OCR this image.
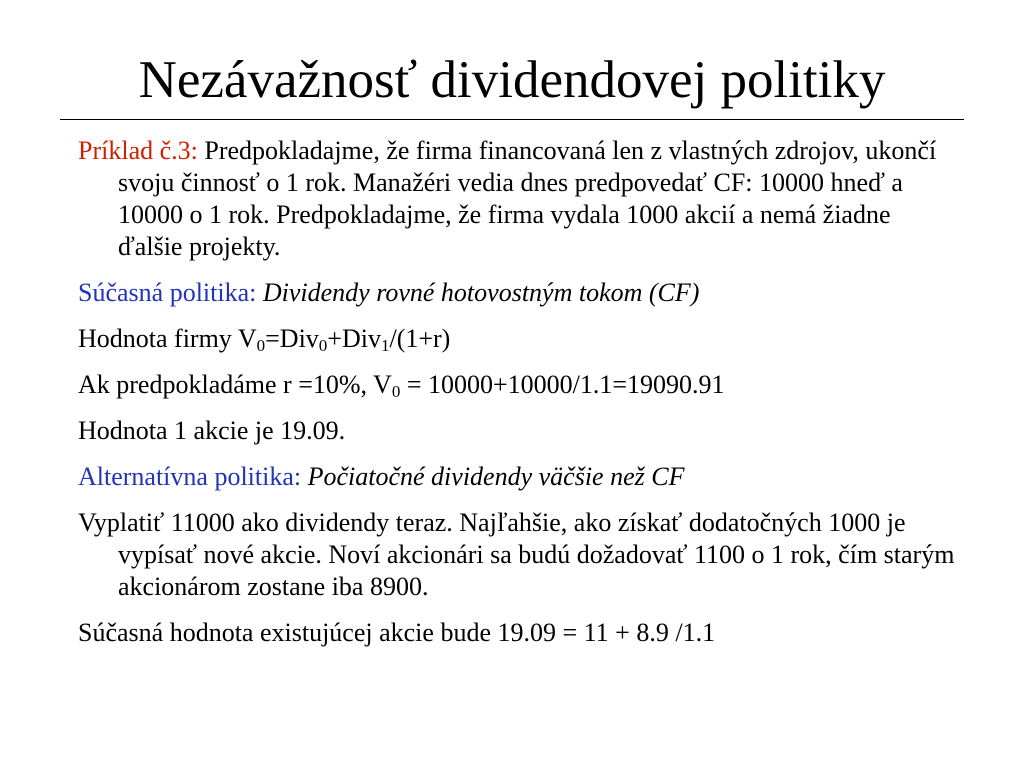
Nezávažnosť dividendovej politiky

Príklad č.3: Predpokladajme, že firma financovaná len z vlastných zdrojov, ukončí svoju činnosť o 1 rok. Manažéri vedia dnes predpovedať CF: 10000 hneď a 10000 o 1 rok. Predpokladajme, že firma vydala 1000 akcií a nemá žiadne ďalšie projekty.

Súčasná politika: Dividendy rovné hotovostným tokom (CF)

Hodnota firmy $V_0=Div_0+Div_1/(1+r)$

Ak predpokladáme r =10%, $V_0 = 10000+10000/1.1=19090.91$

Hodnota 1 akcie je 19.09.

Alternatívna politika: Počiatočné dividendy väčšie než CF

Vyplatiť 11000 ako dividendy teraz. Najľahšie, ako získať dodatočných 1000 je vypísať nové akcie. Noví akcionári sa budú dožadovať 1100 o 1 rok, čím starým akcionárom zostane iba 8900.

Súčasná hodnota existujúcej akcie bude 19.09 = 11 + 8.9 /1.1
